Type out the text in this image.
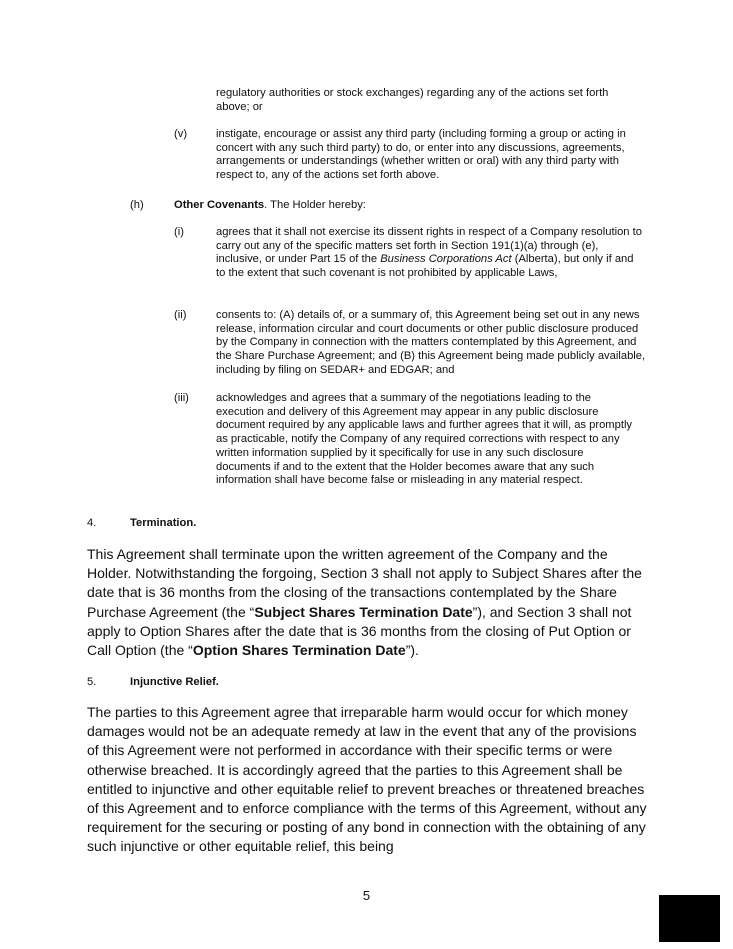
regulatory authorities or stock exchanges) regarding any of the actions set forth above; or
(v)	instigate, encourage or assist any third party (including forming a group or acting in concert with any such third party) to do, or enter into any discussions, agreements, arrangements or understandings (whether written or oral) with any third party with respect to, any of the actions set forth above.
(h)	Other Covenants. The Holder hereby:
(i)	agrees that it shall not exercise its dissent rights in respect of a Company resolution to carry out any of the specific matters set forth in Section 191(1)(a) through (e), inclusive, or under Part 15 of the Business Corporations Act (Alberta), but only if and to the extent that such covenant is not prohibited by applicable Laws,
(ii)	consents to: (A) details of, or a summary of, this Agreement being set out in any news release, information circular and court documents or other public disclosure produced by the Company in connection with the matters contemplated by this Agreement, and the Share Purchase Agreement; and (B) this Agreement being made publicly available, including by filing on SEDAR+ and EDGAR; and
(iii) acknowledges and agrees that a summary of the negotiations leading to the execution and delivery of this Agreement may appear in any public disclosure document required by any applicable laws and further agrees that it will, as promptly as practicable, notify the Company of any required corrections with respect to any written information supplied by it specifically for use in any such disclosure documents if and to the extent that the Holder becomes aware that any such information shall have become false or misleading in any material respect.
4.	Termination.
This Agreement shall terminate upon the written agreement of the Company and the Holder. Notwithstanding the forgoing, Section 3 shall not apply to Subject Shares after the date that is 36 months from the closing of the transactions contemplated by the Share Purchase Agreement (the “Subject Shares Termination Date”), and Section 3 shall not apply to Option Shares after the date that is 36 months from the closing of Put Option or Call Option (the “Option Shares Termination Date”).
5.	Injunctive Relief.
The parties to this Agreement agree that irreparable harm would occur for which money damages would not be an adequate remedy at law in the event that any of the provisions of this Agreement were not performed in accordance with their specific terms or were otherwise breached. It is accordingly agreed that the parties to this Agreement shall be entitled to injunctive and other equitable relief to prevent breaches or threatened breaches of this Agreement and to enforce compliance with the terms of this Agreement, without any requirement for the securing or posting of any bond in connection with the obtaining of any such injunctive or other equitable relief, this being
5
